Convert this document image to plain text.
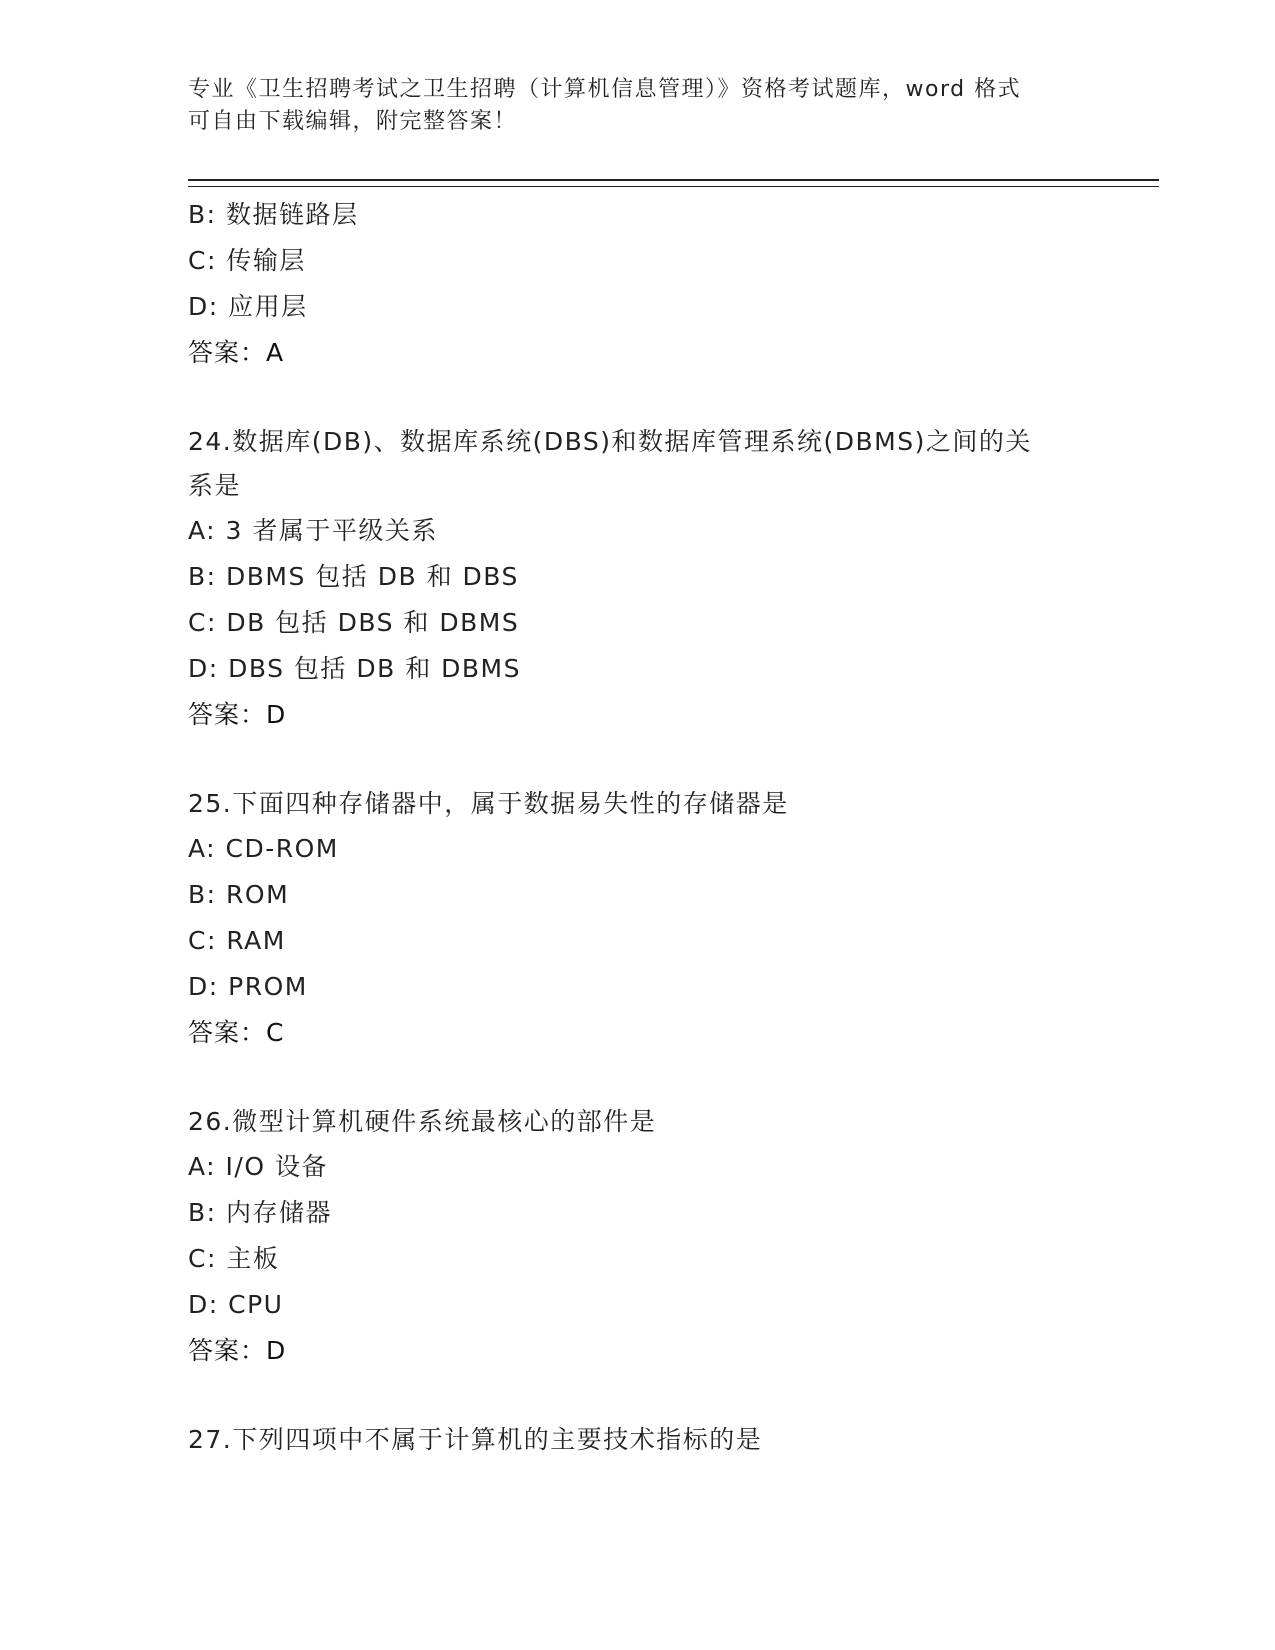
专业《卫生招聘考试之卫生招聘（计算机信息管理）》资格考试题库，word 格式
可自由下载编辑，附完整答案！
B: 数据链路层
C: 传输层
D: 应用层
答案：A
24.数据库(DB)、数据库系统(DBS)和数据库管理系统(DBMS)之间的关
系是
A: 3 者属于平级关系
B: DBMS 包括 DB 和 DBS
C: DB 包括 DBS 和 DBMS
D: DBS 包括 DB 和 DBMS
答案：D
25.下面四种存储器中，属于数据易失性的存储器是
A: CD-ROM
B: ROM
C: RAM
D: PROM
答案：C
26.微型计算机硬件系统最核心的部件是
A: I/O 设备
B: 内存储器
C: 主板
D: CPU
答案：D
27.下列四项中不属于计算机的主要技术指标的是
